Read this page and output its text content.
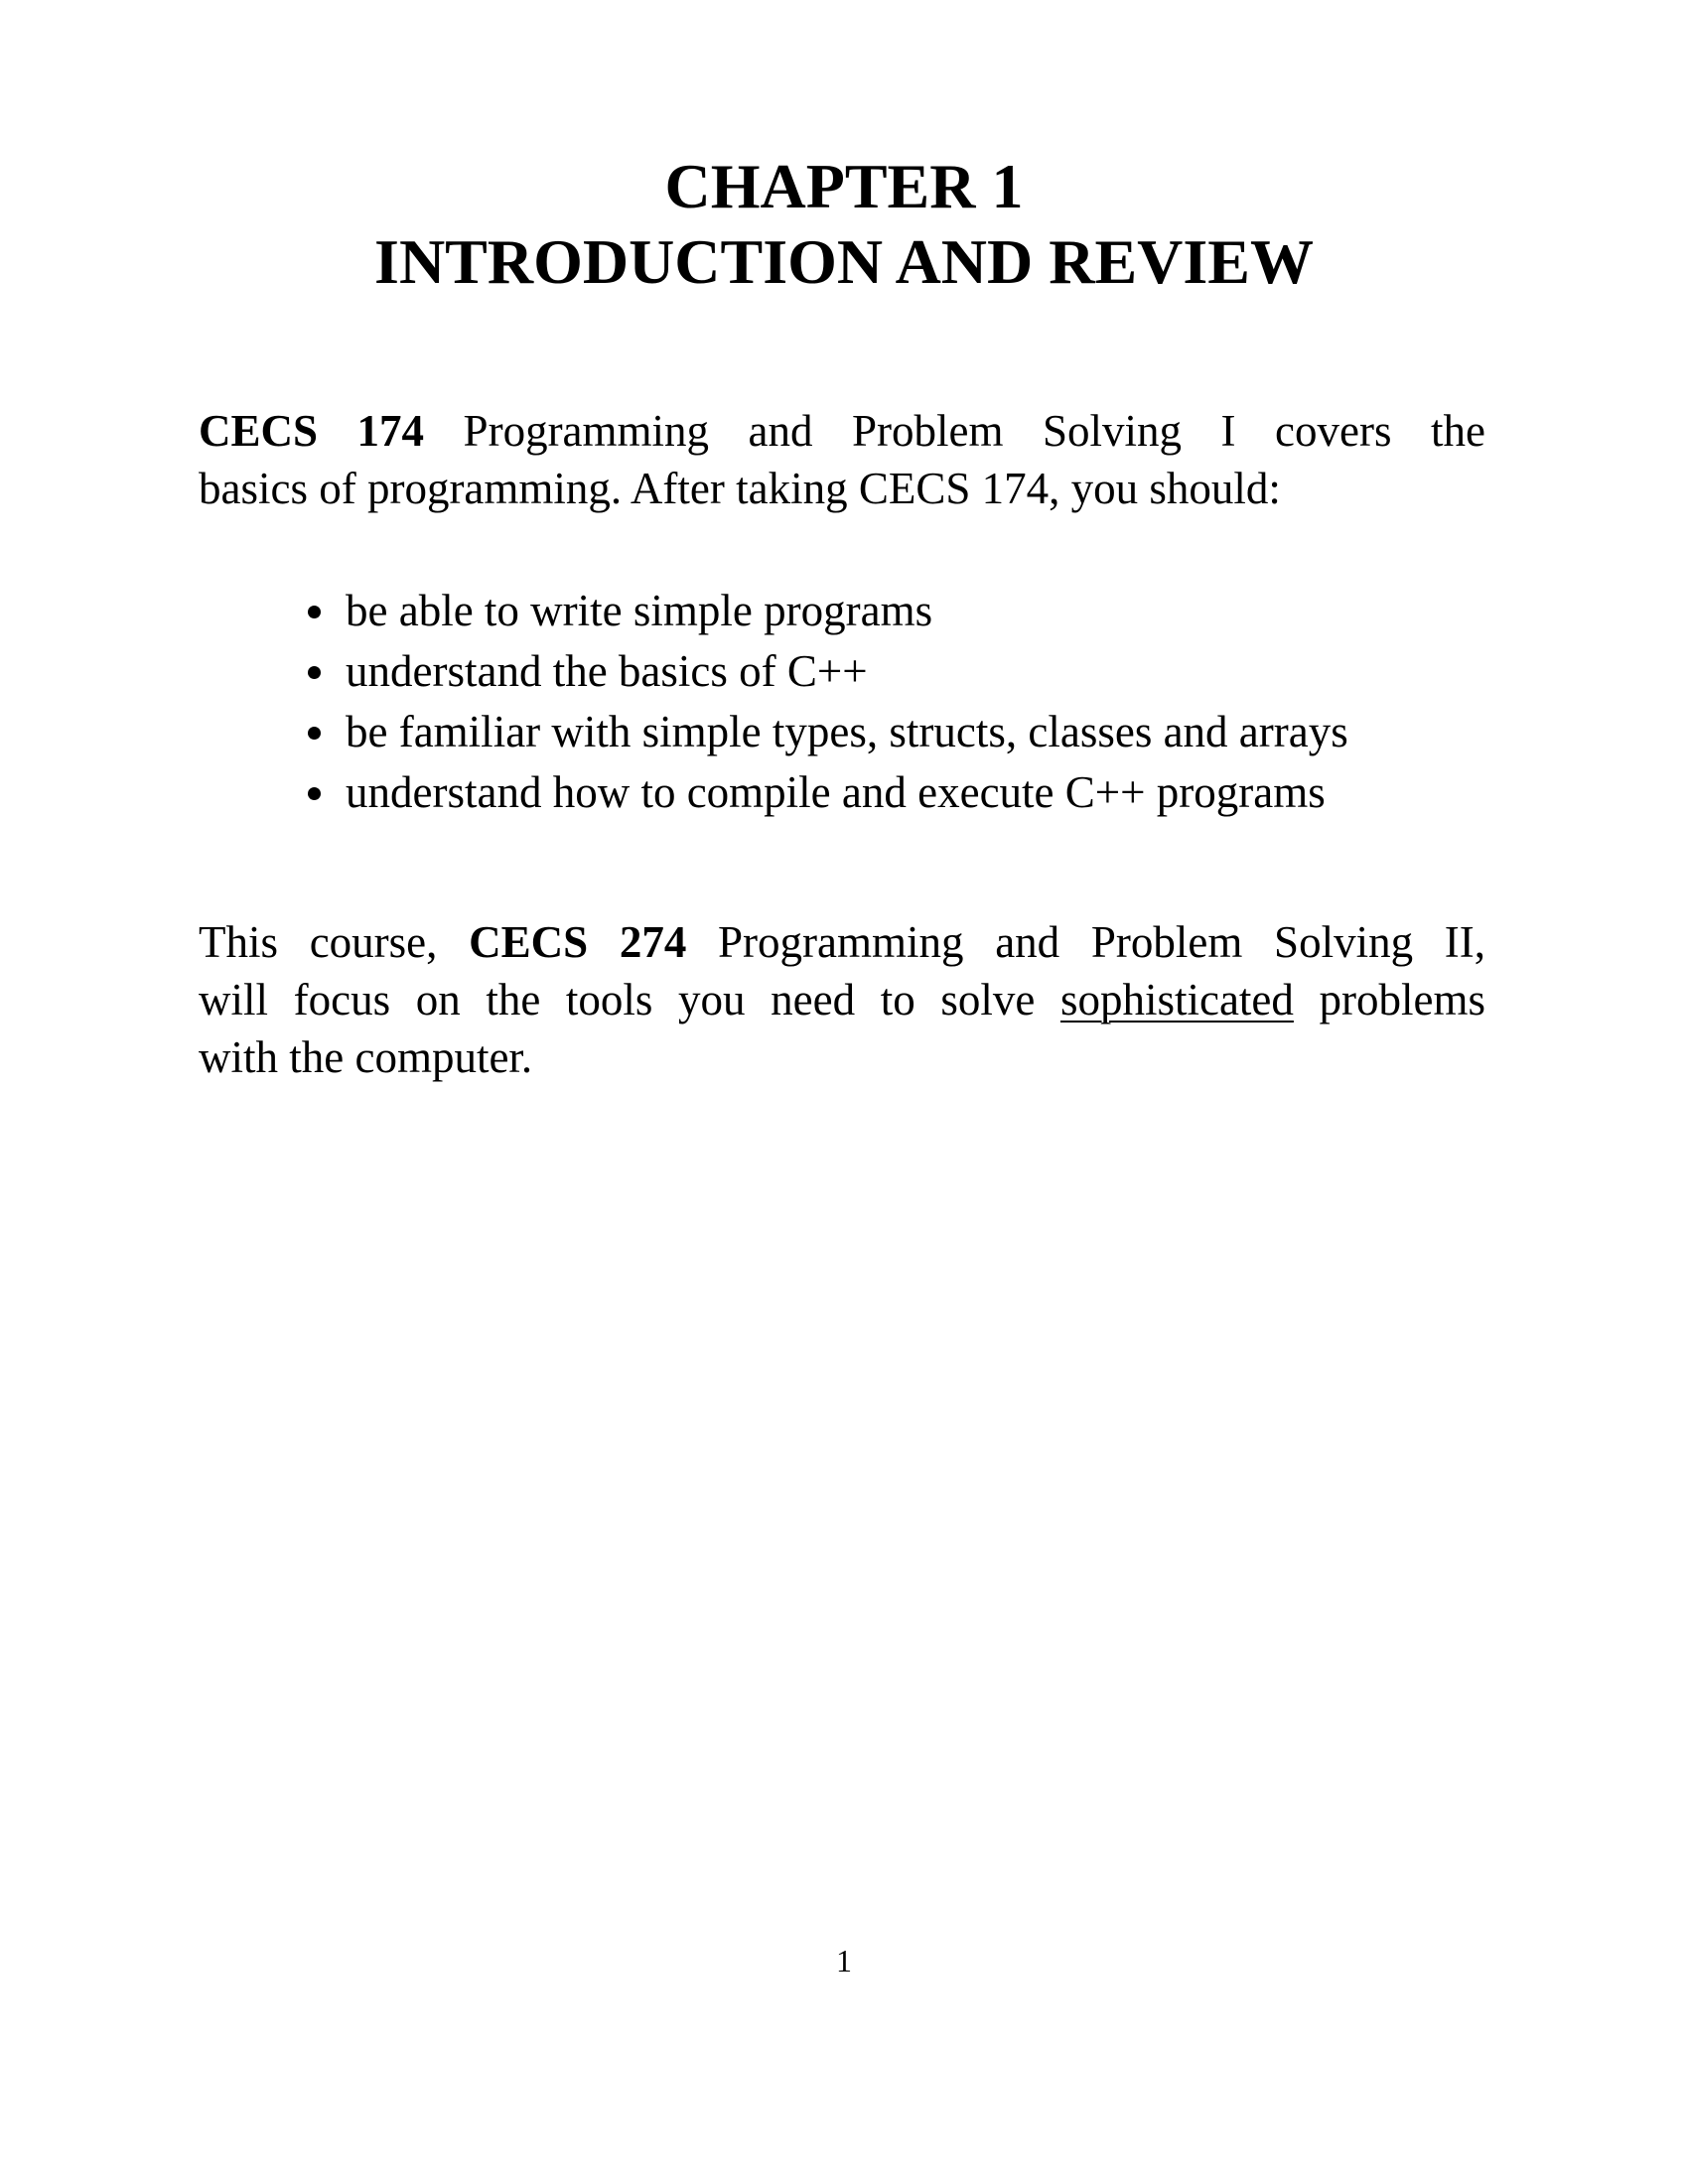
CHAPTER 1
INTRODUCTION AND REVIEW

CECS 174 Programming and Problem Solving I covers the
basics of programming. After taking CECS 174, you should:

be able to write simple programs
understand the basics of C++
be familiar with simple types, structs, classes and arrays
understand how to compile and execute C++ programs

This course, CECS 274 Programming and Problem Solving II,
will focus on the tools you need to solve sophisticated problems
with the computer.

1
